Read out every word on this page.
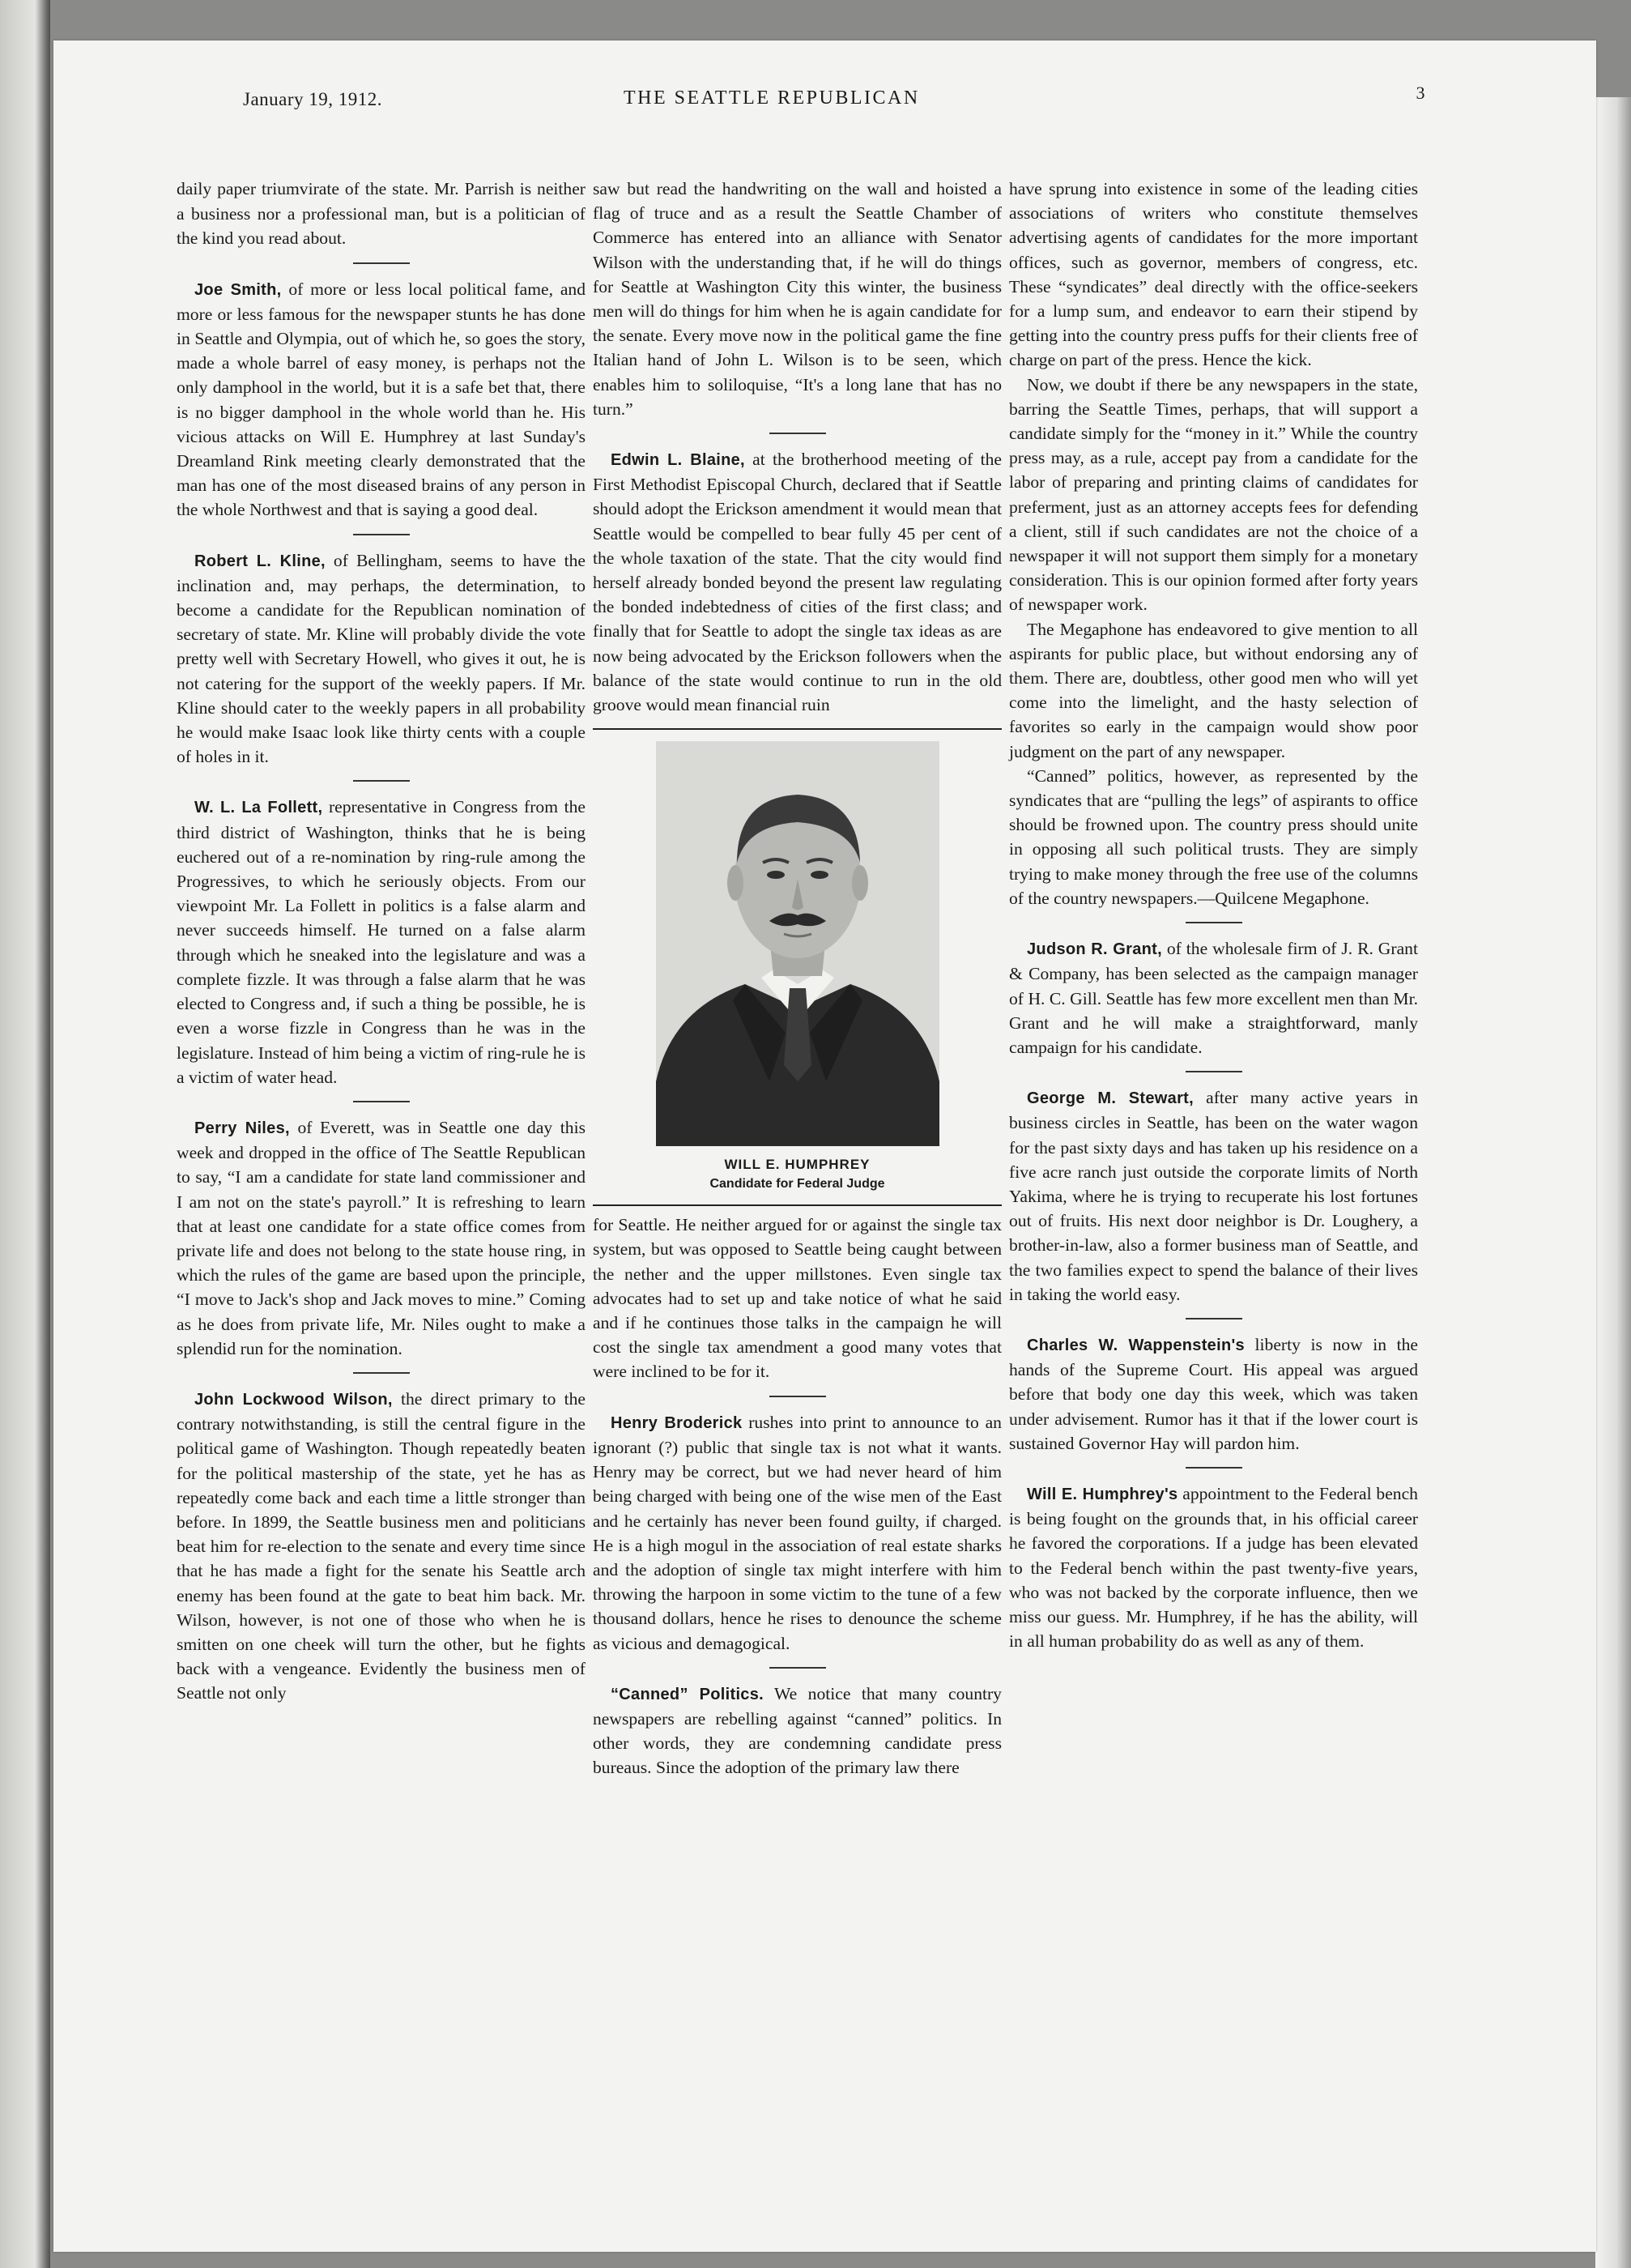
January 19, 1912.	THE SEATTLE REPUBLICAN	3

daily paper triumvirate of the state. Mr. Parrish is neither a business nor a professional man, but is a politician of the kind you read about.

Joe Smith, of more or less local political fame, and more or less famous for the newspaper stunts he has done in Seattle and Olympia, out of which he, so goes the story, made a whole barrel of easy money, is perhaps not the only damphool in the world, but it is a safe bet that, there is no bigger damphool in the whole world than he. His vicious attacks on Will E. Humphrey at last Sunday's Dreamland Rink meeting clearly demonstrated that the man has one of the most diseased brains of any person in the whole Northwest and that is saying a good deal.

Robert L. Kline, of Bellingham, seems to have the inclination and, may perhaps, the determination, to become a candidate for the Republican nomination of secretary of state. Mr. Kline will probably divide the vote pretty well with Secretary Howell, who gives it out, he is not catering for the support of the weekly papers. If Mr. Kline should cater to the weekly papers in all probability he would make Isaac look like thirty cents with a couple of holes in it.

W. L. La Follett, representative in Congress from the third district of Washington, thinks that he is being euchered out of a re-nomination by ring-rule among the Progressives, to which he seriously objects. From our viewpoint Mr. La Follett in politics is a false alarm and never succeeds himself. He turned on a false alarm through which he sneaked into the legislature and was a complete fizzle. It was through a false alarm that he was elected to Congress and, if such a thing be possible, he is even a worse fizzle in Congress than he was in the legislature. Instead of him being a victim of ring-rule he is a victim of water head.

Perry Niles, of Everett, was in Seattle one day this week and dropped in the office of The Seattle Republican to say, “I am a candidate for state land commissioner and I am not on the state's payroll.” It is refreshing to learn that at least one candidate for a state office comes from private life and does not belong to the state house ring, in which the rules of the game are based upon the principle, “I move to Jack's shop and Jack moves to mine.” Coming as he does from private life, Mr. Niles ought to make a splendid run for the nomination.

John Lockwood Wilson, the direct primary to the contrary notwithstanding, is still the central figure in the political game of Washington. Though repeatedly beaten for the political mastership of the state, yet he has as repeatedly come back and each time a little stronger than before. In 1899, the Seattle business men and politicians beat him for re-election to the senate and every time since that he has made a fight for the senate his Seattle arch enemy has been found at the gate to beat him back. Mr. Wilson, however, is not one of those who when he is smitten on one cheek will turn the other, but he fights back with a vengeance. Evidently the business men of Seattle not only

saw but read the handwriting on the wall and hoisted a flag of truce and as a result the Seattle Chamber of Commerce has entered into an alliance with Senator Wilson with the understanding that, if he will do things for Seattle at Washington City this winter, the business men will do things for him when he is again candidate for the senate. Every move now in the political game the fine Italian hand of John L. Wilson is to be seen, which enables him to soliloquise, “It's a long lane that has no turn.”

Edwin L. Blaine, at the brotherhood meeting of the First Methodist Episcopal Church, declared that if Seattle should adopt the Erickson amendment it would mean that Seattle would be compelled to bear fully 45 per cent of the whole taxation of the state. That the city would find herself already bonded beyond the present law regulating the bonded indebtedness of cities of the first class; and finally that for Seattle to adopt the single tax ideas as are now being advocated by the Erickson followers when the balance of the state would continue to run in the old groove would mean financial ruin

WILL E. HUMPHREY
Candidate for Federal Judge

for Seattle. He neither argued for or against the single tax system, but was opposed to Seattle being caught between the nether and the upper millstones. Even single tax advocates had to set up and take notice of what he said and if he continues those talks in the campaign he will cost the single tax amendment a good many votes that were inclined to be for it.

Henry Broderick rushes into print to announce to an ignorant (?) public that single tax is not what it wants. Henry may be correct, but we had never heard of him being charged with being one of the wise men of the East and he certainly has never been found guilty, if charged. He is a high mogul in the association of real estate sharks and the adoption of single tax might interfere with him throwing the harpoon in some victim to the tune of a few thousand dollars, hence he rises to denounce the scheme as vicious and demagogical.

“Canned” Politics. We notice that many country newspapers are rebelling against “canned” politics. In other words, they are condemning candidate press bureaus. Since the adoption of the primary law there

have sprung into existence in some of the leading cities associations of writers who constitute themselves advertising agents of candidates for the more important offices, such as governor, members of congress, etc. These “syndicates” deal directly with the office-seekers for a lump sum, and endeavor to earn their stipend by getting into the country press puffs for their clients free of charge on part of the press. Hence the kick.

Now, we doubt if there be any newspapers in the state, barring the Seattle Times, perhaps, that will support a candidate simply for the “money in it.” While the country press may, as a rule, accept pay from a candidate for the labor of preparing and printing claims of candidates for preferment, just as an attorney accepts fees for defending a client, still if such candidates are not the choice of a newspaper it will not support them simply for a monetary consideration. This is our opinion formed after forty years of newspaper work.

The Megaphone has endeavored to give mention to all aspirants for public place, but without endorsing any of them. There are, doubtless, other good men who will yet come into the limelight, and the hasty selection of favorites so early in the campaign would show poor judgment on the part of any newspaper.

“Canned” politics, however, as represented by the syndicates that are “pulling the legs” of aspirants to office should be frowned upon. The country press should unite in opposing all such political trusts. They are simply trying to make money through the free use of the columns of the country newspapers.—Quilcene Megaphone.

Judson R. Grant, of the wholesale firm of J. R. Grant & Company, has been selected as the campaign manager of H. C. Gill. Seattle has few more excellent men than Mr. Grant and he will make a straightforward, manly campaign for his candidate.

George M. Stewart, after many active years in business circles in Seattle, has been on the water wagon for the past sixty days and has taken up his residence on a five acre ranch just outside the corporate limits of North Yakima, where he is trying to recuperate his lost fortunes out of fruits. His next door neighbor is Dr. Loughery, a brother-in-law, also a former business man of Seattle, and the two families expect to spend the balance of their lives in taking the world easy.

Charles W. Wappenstein's liberty is now in the hands of the Supreme Court. His appeal was argued before that body one day this week, which was taken under advisement. Rumor has it that if the lower court is sustained Governor Hay will pardon him.

Will E. Humphrey's appointment to the Federal bench is being fought on the grounds that, in his official career he favored the corporations. If a judge has been elevated to the Federal bench within the past twenty-five years, who was not backed by the corporate influence, then we miss our guess. Mr. Humphrey, if he has the ability, will in all human probability do as well as any of them.
